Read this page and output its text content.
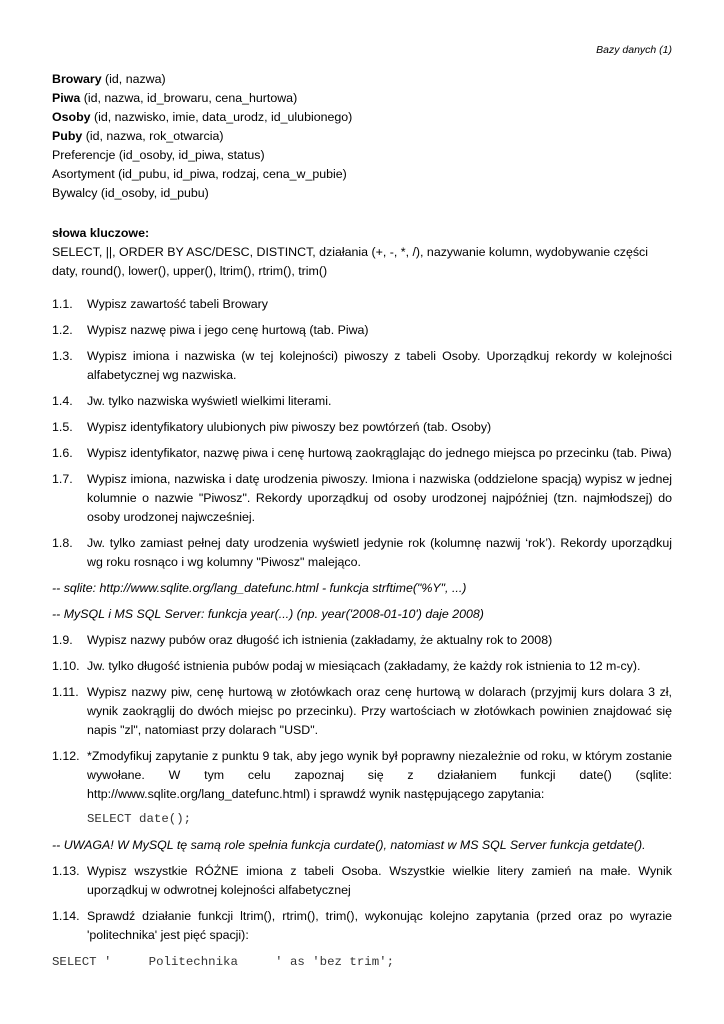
Bazy danych (1)
Browary (id, nazwa)
Piwa (id, nazwa, id_browaru, cena_hurtowa)
Osoby (id, nazwisko, imie, data_urodz, id_ulubionego)
Puby (id, nazwa, rok_otwarcia)
Preferencje (id_osoby, id_piwa, status)
Asortyment (id_pubu, id_piwa, rodzaj, cena_w_pubie)
Bywalcy (id_osoby, id_pubu)
słowa kluczowe:
SELECT, ||, ORDER BY ASC/DESC, DISTINCT, działania (+, -, *, /), nazywanie kolumn, wydobywanie części daty, round(), lower(), upper(), ltrim(), rtrim(), trim()
1.1.	Wypisz zawartość tabeli Browary
1.2.	Wypisz nazwę piwa i jego cenę hurtową (tab. Piwa)
1.3.	Wypisz imiona i nazwiska (w tej kolejności) piwoszy z tabeli Osoby. Uporządkuj rekordy w kolejności alfabetycznej wg nazwiska.
1.4.	Jw. tylko nazwiska wyświetl wielkimi literami.
1.5.	Wypisz identyfikatory ulubionych piw piwoszy bez powtórzeń (tab. Osoby)
1.6.	Wypisz identyfikator, nazwę piwa i cenę hurtową zaokrąglając do jednego miejsca po przecinku (tab. Piwa)
1.7.	Wypisz imiona, nazwiska i datę urodzenia piwoszy. Imiona i nazwiska (oddzielone spacją) wypisz w jednej kolumnie o nazwie "Piwosz". Rekordy uporządkuj od osoby urodzonej najpóźniej (tzn. najmłodszej) do osoby urodzonej najwcześniej.
1.8.	Jw. tylko zamiast pełnej daty urodzenia wyświetl jedynie rok (kolumnę nazwij ‘rok’). Rekordy uporządkuj wg roku rosnąco i wg kolumny "Piwosz" malejąco.
-- sqlite: http://www.sqlite.org/lang_datefunc.html - funkcja strftime("%Y", ...)
-- MySQL i MS SQL Server: funkcja year(...) (np. year('2008-01-10') daje 2008)
1.9.	Wypisz nazwy pubów oraz długość ich istnienia (zakładamy, że aktualny rok to 2008)
1.10. Jw. tylko długość istnienia pubów podaj w miesiącach (zakładamy, że każdy rok istnienia to 12 m-cy).
1.11. Wypisz nazwy piw, cenę hurtową w złotówkach oraz cenę hurtową w dolarach (przyjmij kurs dolara 3 zł, wynik zaokrąglij do dwóch miejsc po przecinku). Przy wartościach w złotówkach powinien znajdować się napis "zl", natomiast przy dolarach "USD".
1.12. *Zmodyfikuj zapytanie z punktu 9 tak, aby jego wynik był poprawny niezależnie od roku, w którym zostanie wywołane. W tym celu zapoznaj się z działaniem funkcji date() (sqlite: http://www.sqlite.org/lang_datefunc.html) i sprawdź wynik następującego zapytania:
SELECT date();
-- UWAGA! W MySQL tę samą role spełnia funkcja curdate(), natomiast w MS SQL Server funkcja getdate().
1.13. Wypisz wszystkie RÓŻNE imiona z tabeli Osoba. Wszystkie wielkie litery zamień na małe. Wynik uporządkuj w odwrotnej kolejności alfabetycznej
1.14. Sprawdź działanie funkcji ltrim(), rtrim(), trim(), wykonując kolejno zapytania (przed oraz po wyrazie 'politechnika' jest pięć spacji):
SELECT '     Politechnika     ' as 'bez trim';
